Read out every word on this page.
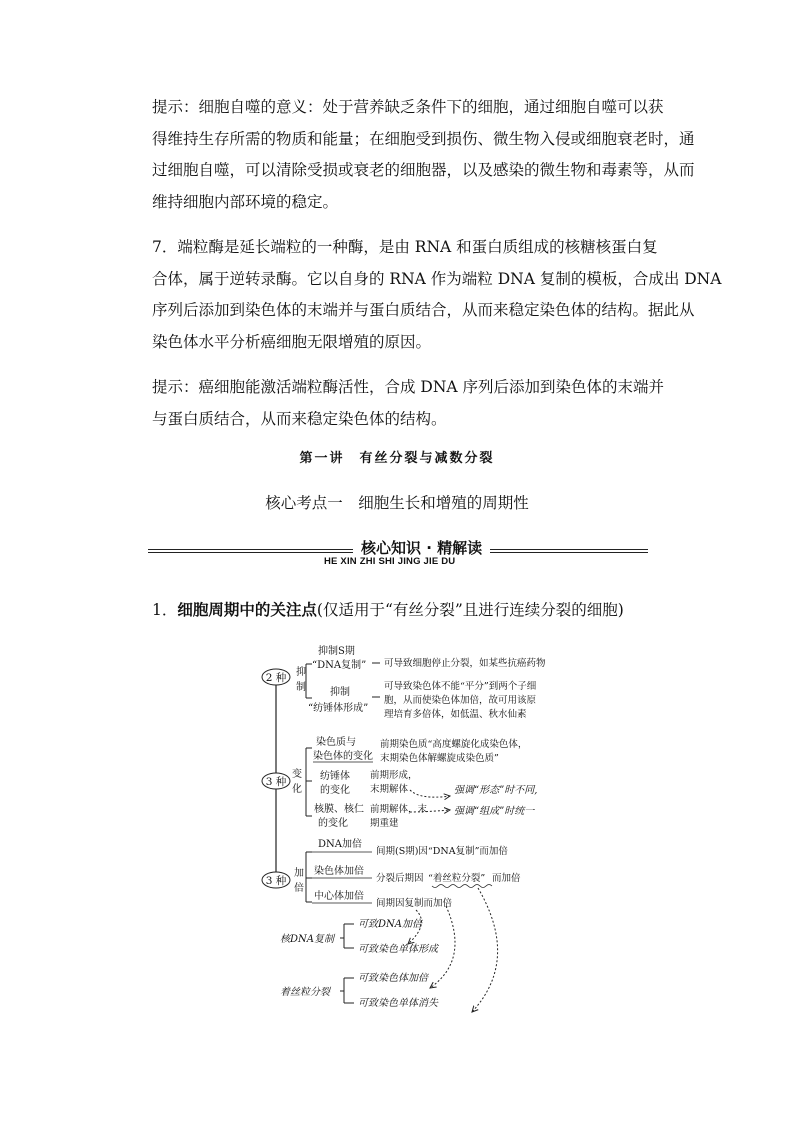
提示：细胞自噬的意义：处于营养缺乏条件下的细胞，通过细胞自噬可以获
得维持生存所需的物质和能量；在细胞受到损伤、微生物入侵或细胞衰老时，通
过细胞自噬，可以清除受损或衰老的细胞器，以及感染的微生物和毒素等，从而
维持细胞内部环境的稳定。
7．端粒酶是延长端粒的一种酶，是由 RNA 和蛋白质组成的核糖核蛋白复
合体，属于逆转录酶。它以自身的 RNA 作为端粒 DNA 复制的模板，合成出 DNA
序列后添加到染色体的末端并与蛋白质结合，从而来稳定染色体的结构。据此从
染色体水平分析癌细胞无限增殖的原因。
提示：癌细胞能激活端粒酶活性，合成 DNA 序列后添加到染色体的末端并
与蛋白质结合，从而来稳定染色体的结构。
第一讲　有丝分裂与减数分裂
核心考点一　细胞生长和增殖的周期性
核心知识 · 精解读
HE XIN ZHI SHI JING JIE DU
1．细胞周期中的关注点(仅适用于“有丝分裂”且进行连续分裂的细胞)
2 种 抑
制
抑制S期
“DNA复制” 可导致细胞停止分裂，如某些抗癌药物
抑制
“纺锤体形成”
可导致染色体不能“平分”到两个子细
胞，从而使染色体加倍，故可用该原
理培育多倍体，如低温、秋水仙素
3 种
变
化
染色质与
染色体的变化
前期染色质“高度螺旋化成染色体，
末期染色体解螺旋成染色质”
纺锤体
的变化
前期形成，
末期解体
核膜、核仁
的变化
前期解体，末
期重建
强调“形态”时不同,
强调“组成”时统一
3 种
加
倍
DNA加倍
间期(S期)因“DNA复制”而加倍
染色体加倍
分裂后期因 “着丝粒分裂” 而加倍
中心体加倍
间期因复制而加倍
核DNA复制
可致DNA加倍
可致染色单体形成
着丝粒分裂
可致染色体加倍
可致染色单体消失
